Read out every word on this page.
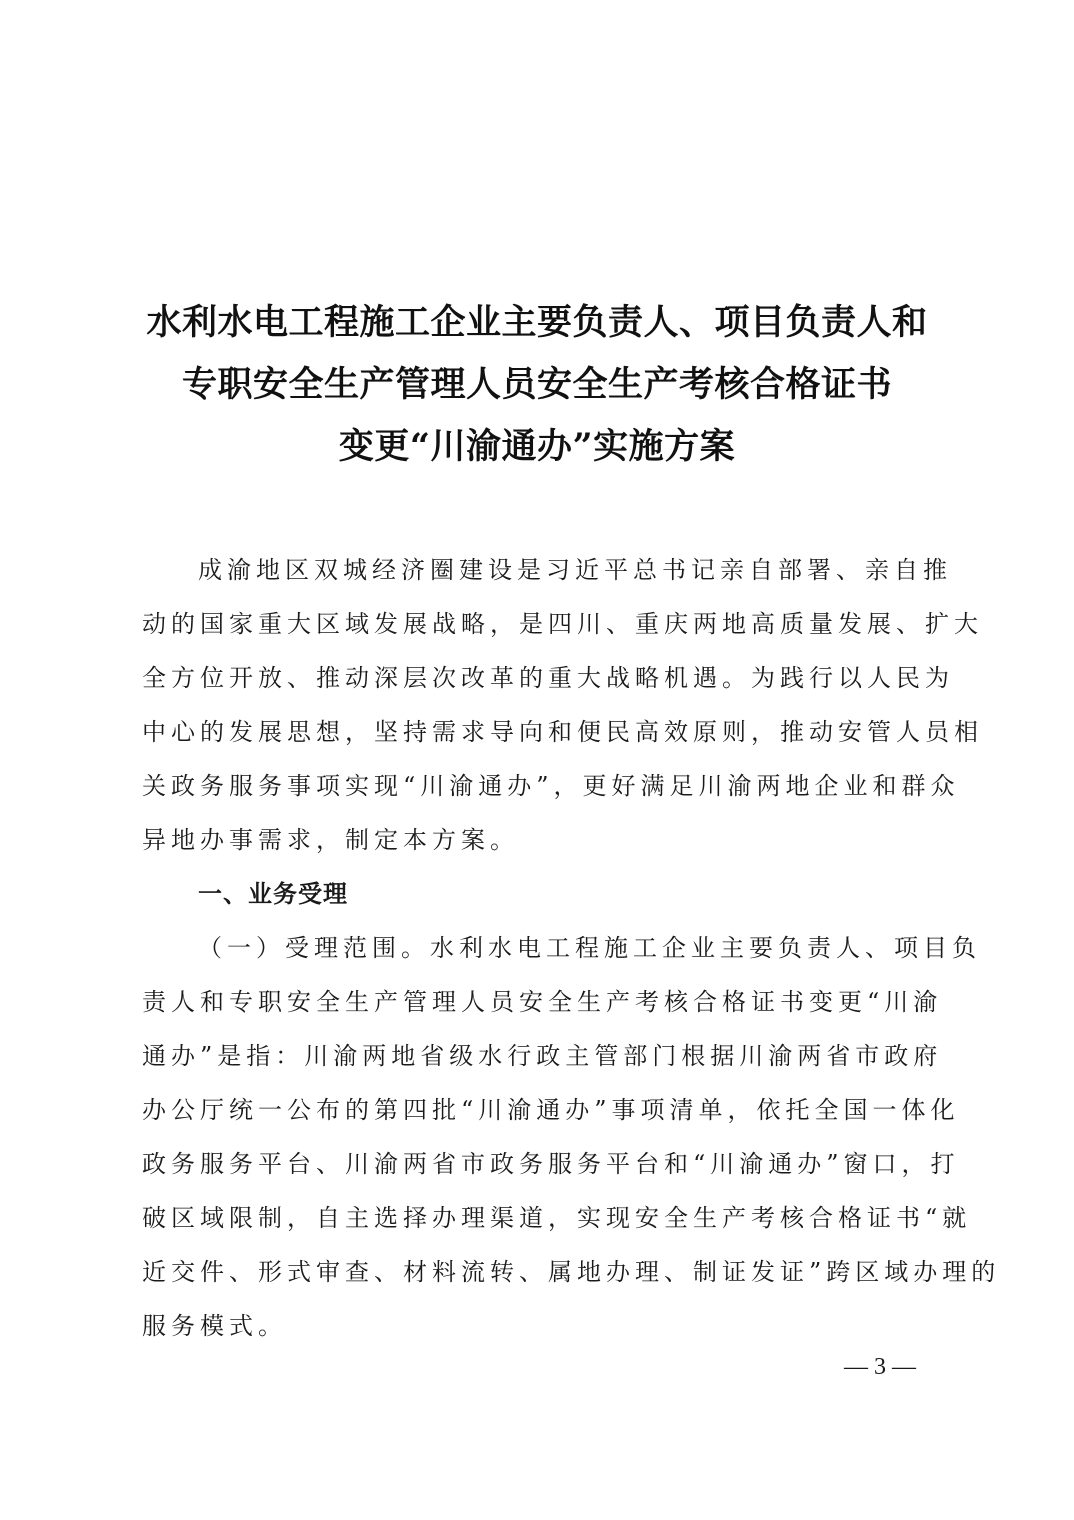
水利水电工程施工企业主要负责人、项目负责人和
专职安全生产管理人员安全生产考核合格证书
变更“川渝通办”实施方案
成渝地区双城经济圈建设是习近平总书记亲自部署、亲自推
动的国家重大区域发展战略，是四川、重庆两地高质量发展、扩大
全方位开放、推动深层次改革的重大战略机遇。为践行以人民为
中心的发展思想，坚持需求导向和便民高效原则，推动安管人员相
关政务服务事项实现“川渝通办”，更好满足川渝两地企业和群众
异地办事需求，制定本方案。
一、业务受理
（一）受理范围。水利水电工程施工企业主要负责人、项目负
责人和专职安全生产管理人员安全生产考核合格证书变更“川渝
通办”是指：川渝两地省级水行政主管部门根据川渝两省市政府
办公厅统一公布的第四批“川渝通办”事项清单，依托全国一体化
政务服务平台、川渝两省市政务服务平台和“川渝通办”窗口，打
破区域限制，自主选择办理渠道，实现安全生产考核合格证书“就
近交件、形式审查、材料流转、属地办理、制证发证”跨区域办理的
服务模式。
— 3 —
